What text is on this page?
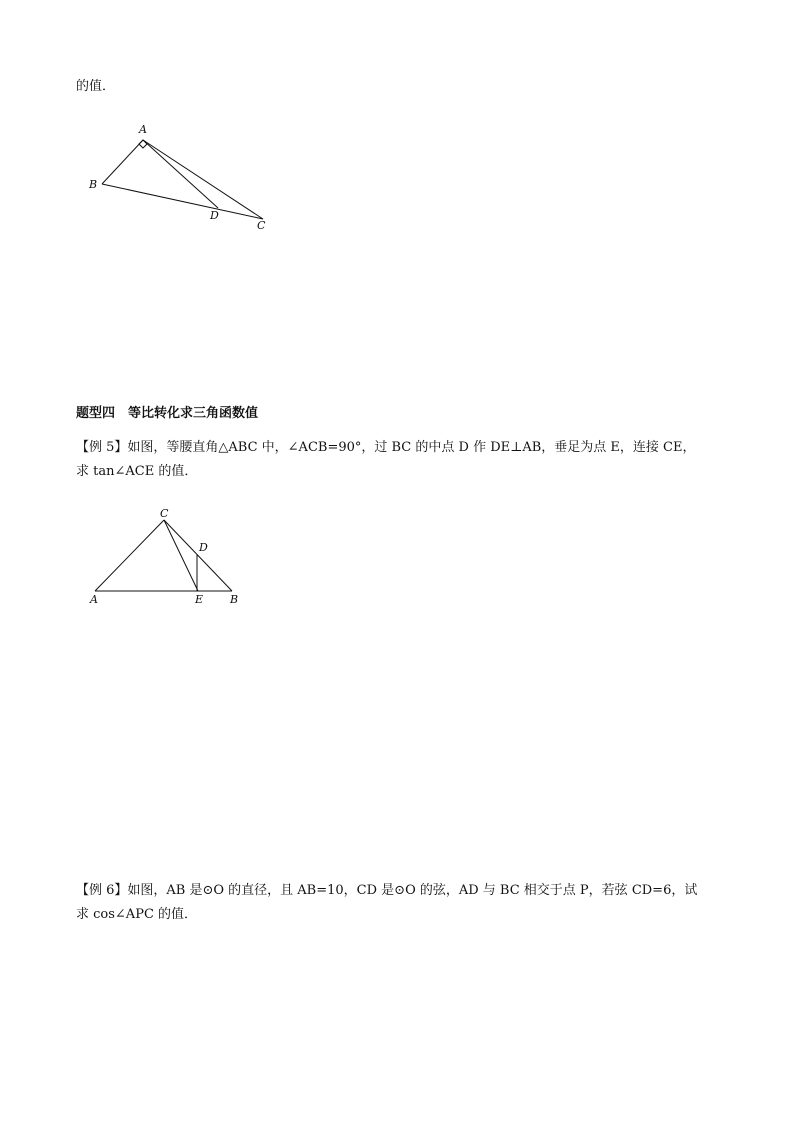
的值．
A
B
D
C
题型四　等比转化求三角函数值
【例 5】如图，等腰直角△ABC 中，∠ACB=90°，过 BC 的中点 D 作 DE⊥AB，垂足为点 E，连接 CE，
求 tan∠ACE 的值．
C
D
A	E B
【例 6】如图，AB 是⊙O 的直径，且 AB=10，CD 是⊙O 的弦，AD 与 BC 相交于点 P，若弦 CD=6，试
求 cos∠APC 的值．
